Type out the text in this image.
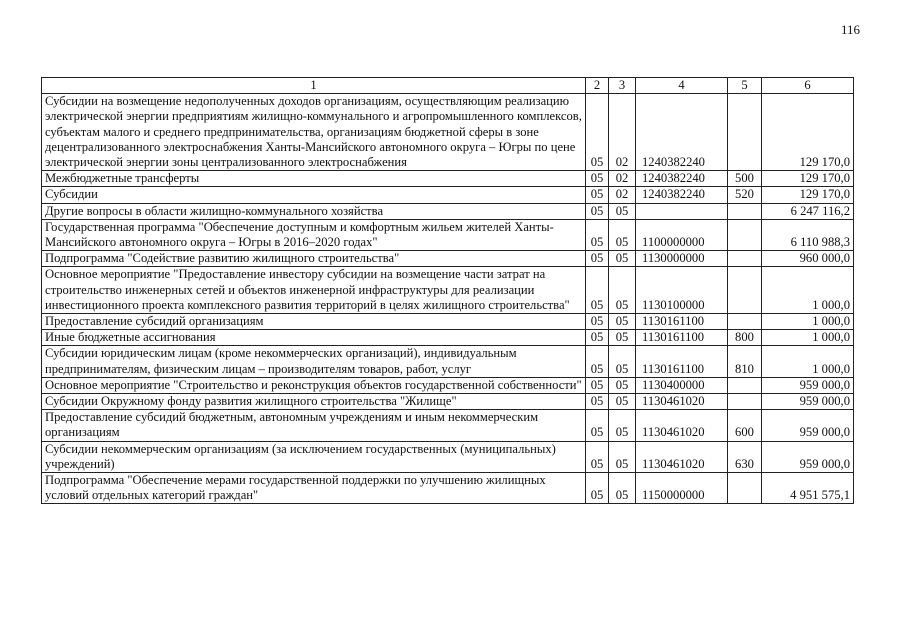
116
1	2	3	4	5	6
Субсидии на возмещение недополученных доходов организациям, осуществляющим реализацию электрической энергии предприятиям жилищно-коммунального и агропромышленного комплексов, субъектам малого и среднего предпринимательства, организациям бюджетной сферы в зоне децентрализованного электроснабжения Ханты-Мансийского автономного округа – Югры по цене электрической энергии зоны централизованного электроснабжения	05	02	1240382240		129 170,0
Межбюджетные трансферты	05	02	1240382240	500	129 170,0
Субсидии	05	02	1240382240	520	129 170,0
Другие вопросы в области жилищно-коммунального хозяйства	05	05			6 247 116,2
Государственная программа "Обеспечение доступным и комфортным жильем жителей Ханты-Мансийского автономного округа – Югры в 2016–2020 годах"	05	05	1100000000		6 110 988,3
Подпрограмма "Содействие развитию жилищного строительства"	05	05	1130000000		960 000,0
Основное мероприятие "Предоставление инвестору субсидии на возмещение части затрат на строительство инженерных сетей и объектов инженерной инфраструктуры для реализации инвестиционного проекта комплексного развития территорий в целях жилищного строительства"	05	05	1130100000		1 000,0
Предоставление субсидий организациям	05	05	1130161100		1 000,0
Иные бюджетные ассигнования	05	05	1130161100	800	1 000,0
Субсидии юридическим лицам (кроме некоммерческих организаций), индивидуальным предпринимателям, физическим лицам – производителям товаров, работ, услуг	05	05	1130161100	810	1 000,0
Основное мероприятие "Строительство и реконструкция объектов государственной собственности"	05	05	1130400000		959 000,0
Субсидии Окружному фонду развития жилищного строительства "Жилище"	05	05	1130461020		959 000,0
Предоставление субсидий бюджетным, автономным учреждениям и иным некоммерческим организациям	05	05	1130461020	600	959 000,0
Субсидии некоммерческим организациям (за исключением государственных (муниципальных) учреждений)	05	05	1130461020	630	959 000,0
Подпрограмма "Обеспечение мерами государственной поддержки по улучшению жилищных условий отдельных категорий граждан"	05	05	1150000000		4 951 575,1
